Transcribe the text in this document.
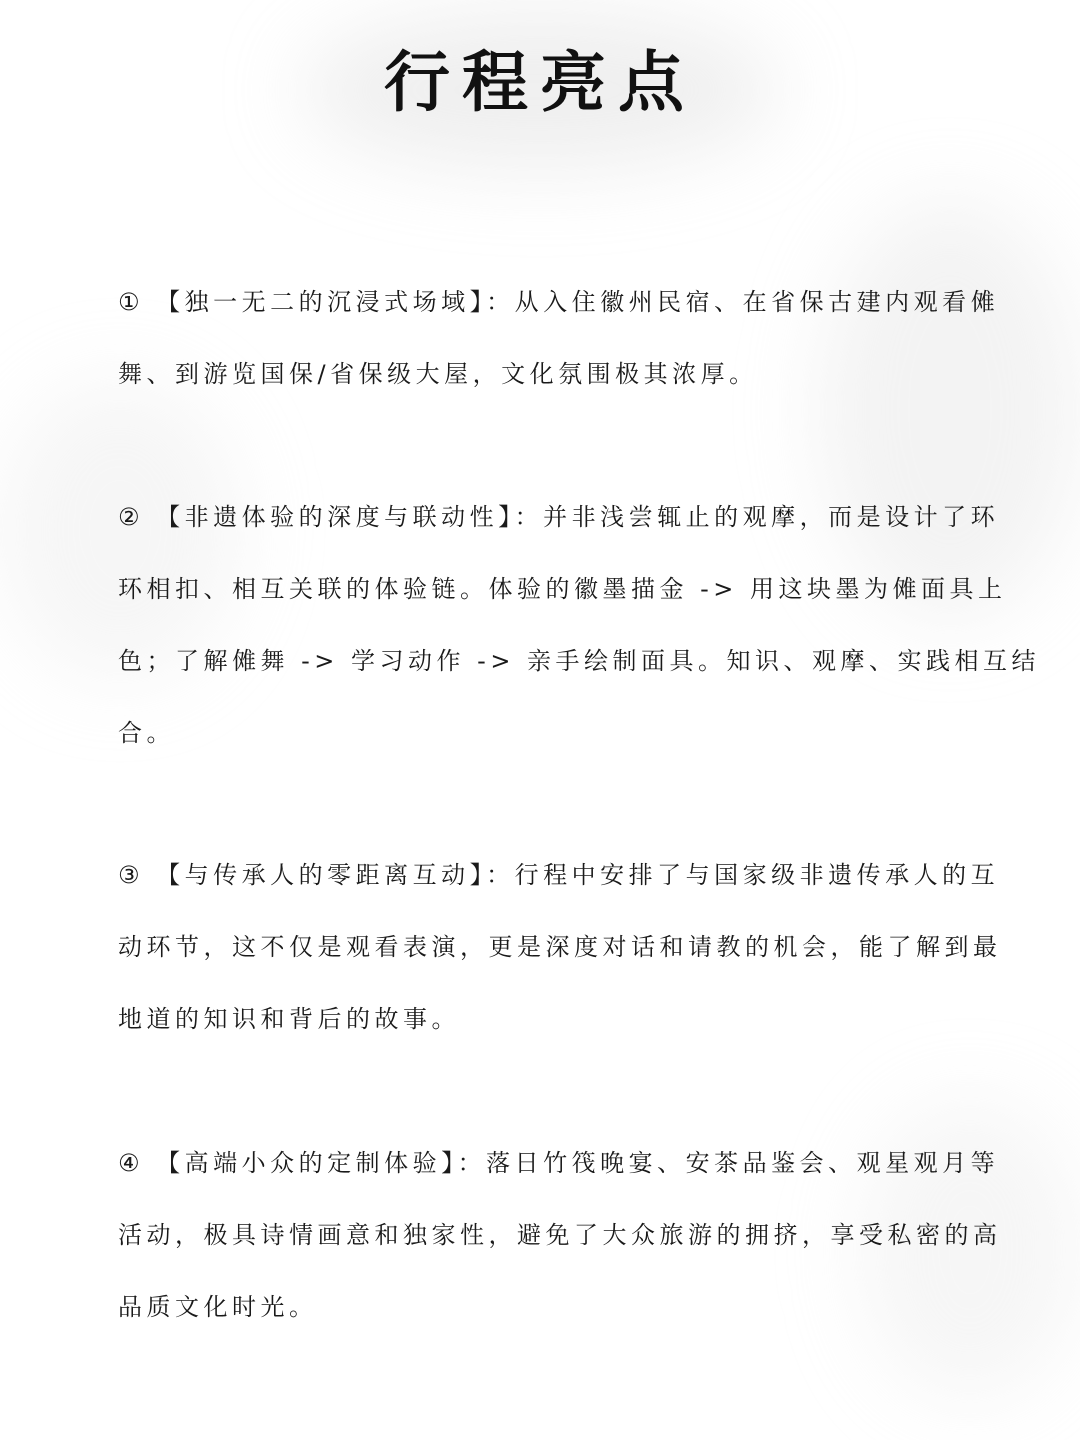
行程亮点
① 【独一无二的沉浸式场域】：从入住徽州民宿、在省保古建内观看傩
舞、到游览国保/省保级大屋，文化氛围极其浓厚。
② 【非遗体验的深度与联动性】：并非浅尝辄止的观摩，而是设计了环
环相扣、相互关联的体验链。体验的徽墨描金 -> 用这块墨为傩面具上
色；了解傩舞 -> 学习动作 -> 亲手绘制面具。知识、观摩、实践相互结
合。
③ 【与传承人的零距离互动】：行程中安排了与国家级非遗传承人的互
动环节，这不仅是观看表演，更是深度对话和请教的机会，能了解到最
地道的知识和背后的故事。
④ 【高端小众的定制体验】：落日竹筏晚宴、安茶品鉴会、观星观月等
活动，极具诗情画意和独家性，避免了大众旅游的拥挤，享受私密的高
品质文化时光。
